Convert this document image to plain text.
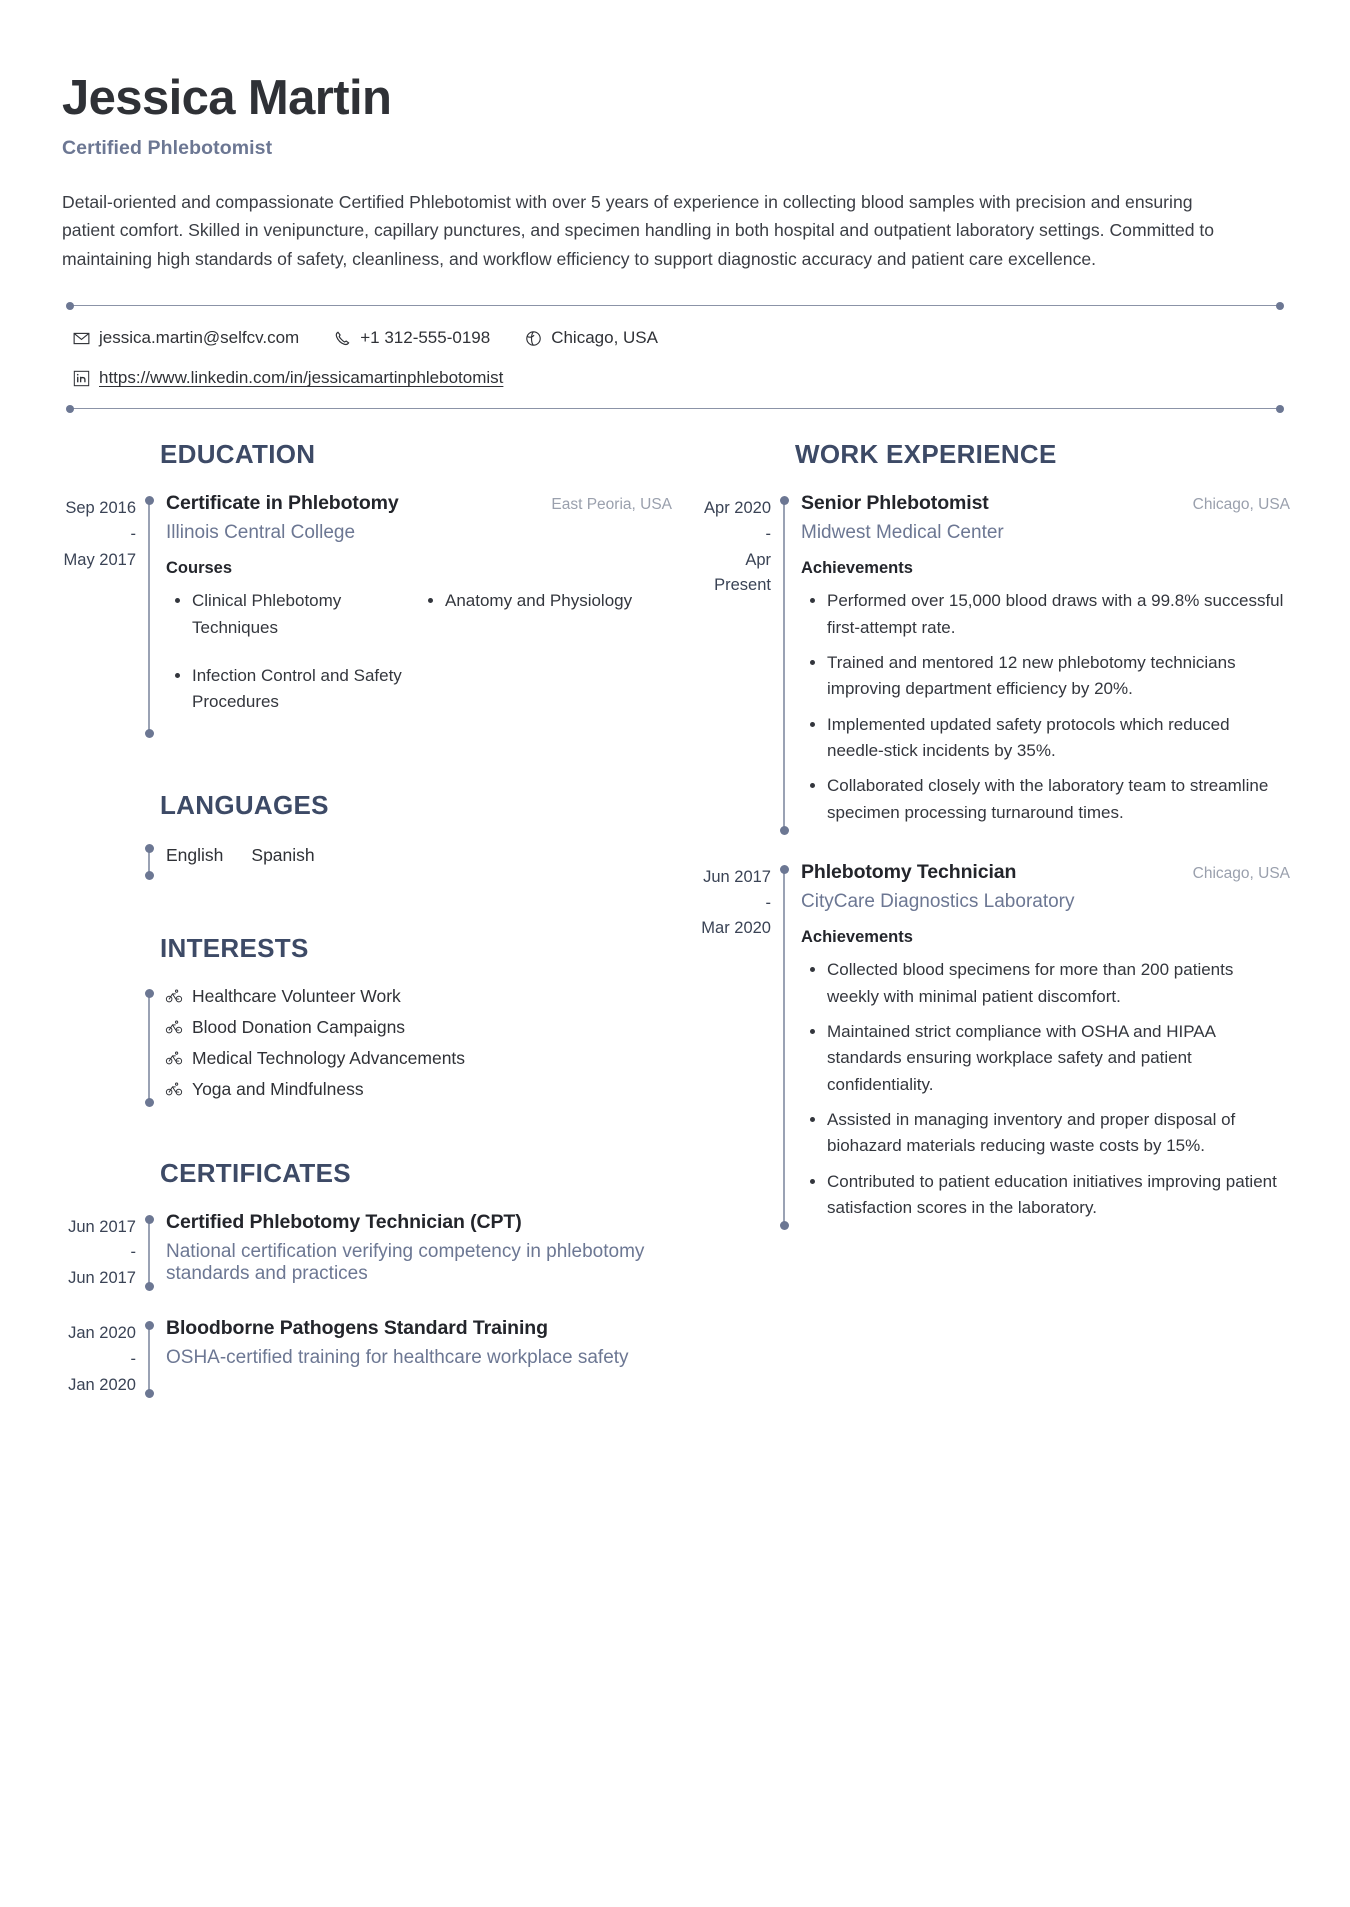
Jessica Martin
Certified Phlebotomist

Detail-oriented and compassionate Certified Phlebotomist with over 5 years of experience in collecting blood samples with precision and ensuring patient comfort. Skilled in venipuncture, capillary punctures, and specimen handling in both hospital and outpatient laboratory settings. Committed to maintaining high standards of safety, cleanliness, and workflow efficiency to support diagnostic accuracy and patient care excellence.

jessica.martin@selfcv.com	+1 312-555-0198	Chicago, USA
https://www.linkedin.com/in/jessicamartinphlebotomist
EDUCATION
Sep 2016
-
May 2017
Certificate in Phlebotomy	East Peoria, USA
Illinois Central College
Courses
• Clinical Phlebotomy Techniques
• Infection Control and Safety Procedures
• Anatomy and Physiology
LANGUAGES
English Spanish
INTERESTS
Healthcare Volunteer Work
Blood Donation Campaigns
Medical Technology Advancements
Yoga and Mindfulness
CERTIFICATES
Jun 2017
-
Jun 2017
Certified Phlebotomy Technician (CPT)
National certification verifying competency in phlebotomy standards and practices
Jan 2020
-
Jan 2020
Bloodborne Pathogens Standard Training
OSHA-certified training for healthcare workplace safety
WORK EXPERIENCE
Apr 2020
-
Apr Present
Senior Phlebotomist	Chicago, USA
Midwest Medical Center
Achievements
• Performed over 15,000 blood draws with a 99.8% successful first-attempt rate.
• Trained and mentored 12 new phlebotomy technicians improving department efficiency by 20%.
• Implemented updated safety protocols which reduced needle-stick incidents by 35%.
• Collaborated closely with the laboratory team to streamline specimen processing turnaround times.
Jun 2017
-
Mar 2020
Phlebotomy Technician	Chicago, USA
CityCare Diagnostics Laboratory
Achievements
• Collected blood specimens for more than 200 patients weekly with minimal patient discomfort.
• Maintained strict compliance with OSHA and HIPAA standards ensuring workplace safety and patient confidentiality.
• Assisted in managing inventory and proper disposal of biohazard materials reducing waste costs by 15%.
• Contributed to patient education initiatives improving patient satisfaction scores in the laboratory.
